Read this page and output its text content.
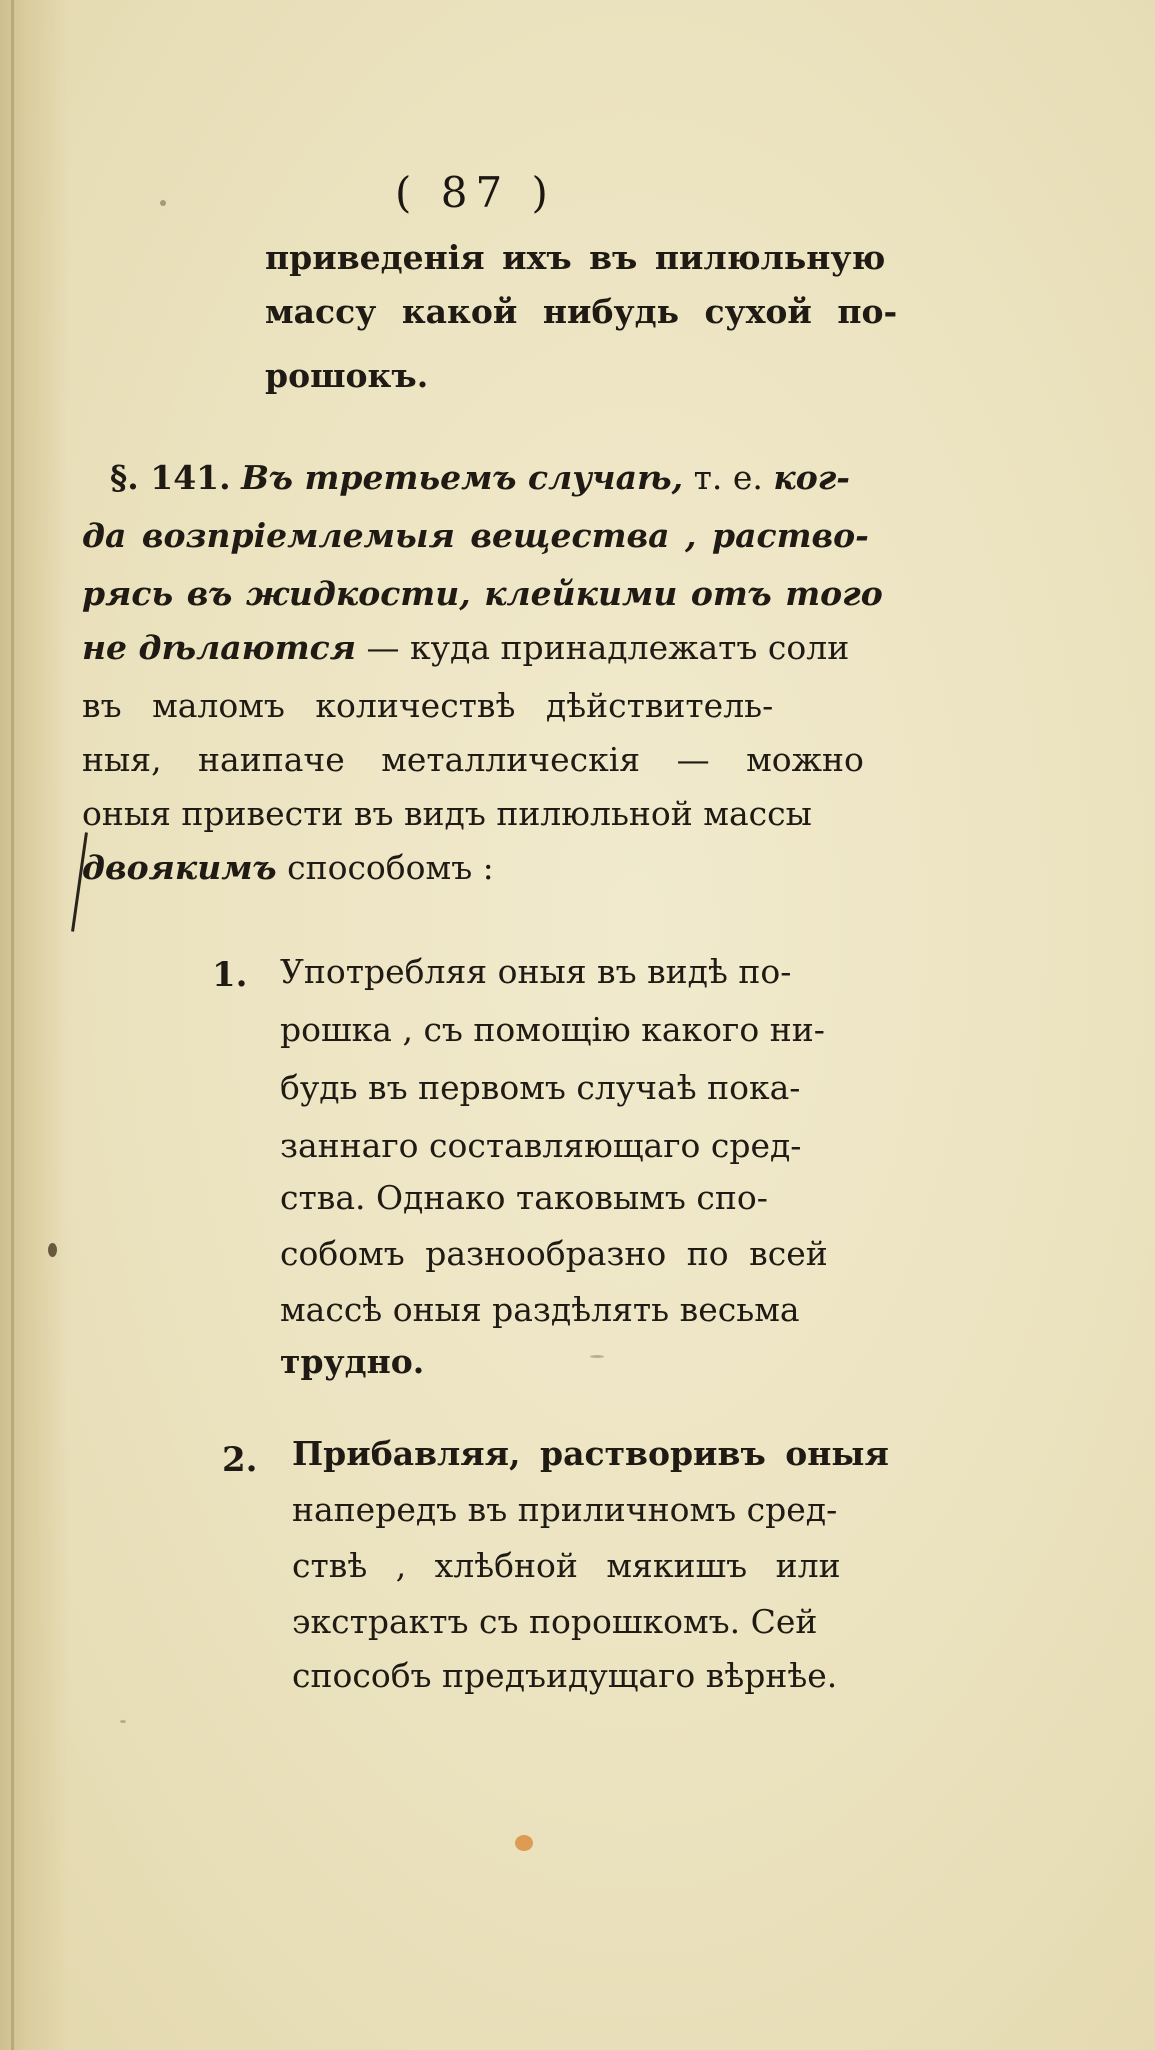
( 87 )
приведенія ихъ въ пилюльную
массу какой нибудь сухой по-
рошокъ.
§. 141. Въ третьемъ случаѣ, т. е. ког-
да возпріемлемыя вещества , раство-
рясь въ жидкости, клейкими отъ того
не дѣлаются — куда принадлежатъ соли
въ маломъ количествѣ дѣйствитель-
ныя, наипаче металлическія — можно
оныя привести въ видъ пилюльной массы
двоякимъ способомъ :
1. Употребляя оныя въ видѣ по-
рошка , съ помощію какого ни-
будь въ первомъ случаѣ пока-
заннаго составляющаго сред-
ства. Однако таковымъ спо-
собомъ разнообразно по всей
массѣ оныя раздѣлять весьма
трудно.
2. Прибавляя, растворивъ оныя
напередъ въ приличномъ сред-
ствѣ , хлѣбной мякишъ или
экстрактъ съ порошкомъ. Сей
способъ предъидущаго вѣрнѣе.
